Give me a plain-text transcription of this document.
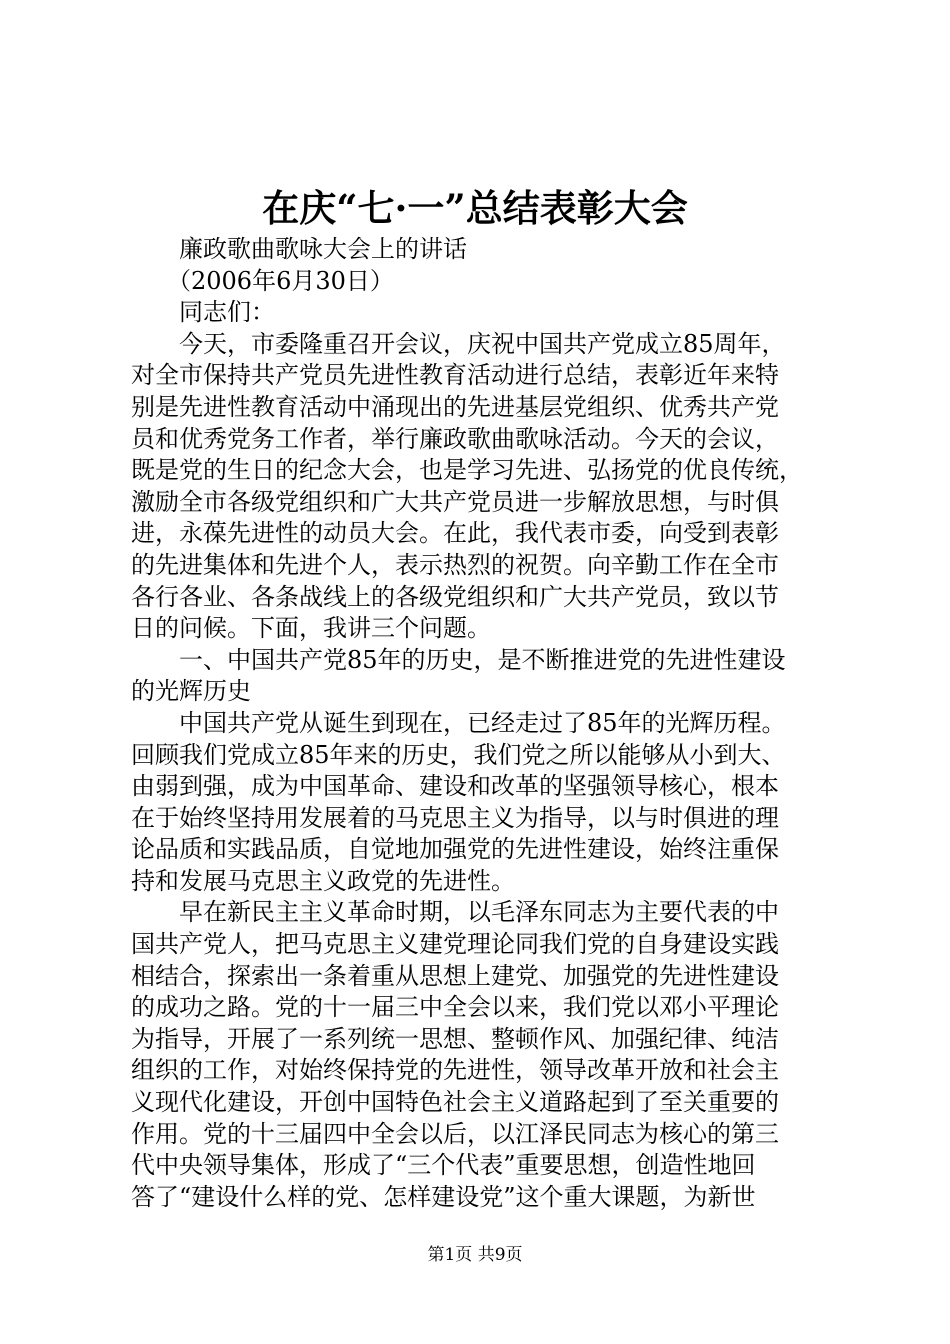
在庆“七·一”总结表彰大会
　　廉政歌曲歌咏大会上的讲话
　　（2006年6月30日）
　　同志们：
　　今天，市委隆重召开会议，庆祝中国共产党成立85周年，
对全市保持共产党员先进性教育活动进行总结，表彰近年来特
别是先进性教育活动中涌现出的先进基层党组织、优秀共产党
员和优秀党务工作者，举行廉政歌曲歌咏活动。今天的会议，
既是党的生日的纪念大会，也是学习先进、弘扬党的优良传统，
激励全市各级党组织和广大共产党员进一步解放思想，与时俱
进，永葆先进性的动员大会。在此，我代表市委，向受到表彰
的先进集体和先进个人，表示热烈的祝贺。向辛勤工作在全市
各行各业、各条战线上的各级党组织和广大共产党员，致以节
日的问候。下面，我讲三个问题。
　　一、中国共产党85年的历史，是不断推进党的先进性建设
的光辉历史
　　中国共产党从诞生到现在，已经走过了85年的光辉历程。
回顾我们党成立85年来的历史，我们党之所以能够从小到大、
由弱到强，成为中国革命、建设和改革的坚强领导核心，根本
在于始终坚持用发展着的马克思主义为指导，以与时俱进的理
论品质和实践品质，自觉地加强党的先进性建设，始终注重保
持和发展马克思主义政党的先进性。
　　早在新民主主义革命时期，以毛泽东同志为主要代表的中
国共产党人，把马克思主义建党理论同我们党的自身建设实践
相结合，探索出一条着重从思想上建党、加强党的先进性建设
的成功之路。党的十一届三中全会以来，我们党以邓小平理论
为指导，开展了一系列统一思想、整顿作风、加强纪律、纯洁
组织的工作，对始终保持党的先进性，领导改革开放和社会主
义现代化建设，开创中国特色社会主义道路起到了至关重要的
作用。党的十三届四中全会以后，以江泽民同志为核心的第三
代中央领导集体，形成了“三个代表”重要思想，创造性地回
答了“建设什么样的党、怎样建设党”这个重大课题，为新世
第1页 共9页
